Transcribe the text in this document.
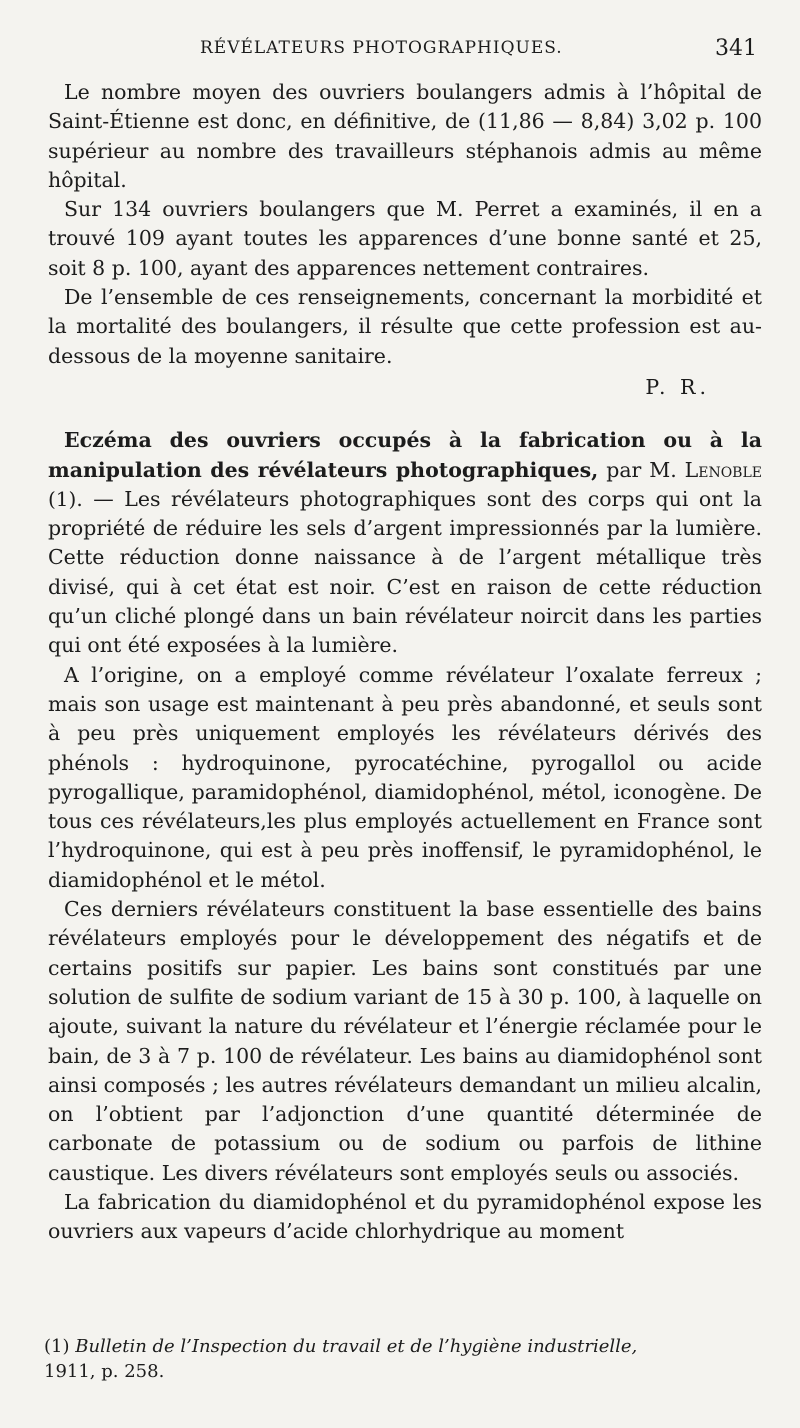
RÉVÉLATEURS PHOTOGRAPHIQUES.	341

Le nombre moyen des ouvriers boulangers admis à l’hôpital de Saint-Étienne est donc, en définitive, de (11,86 — 8,84) 3,02 p. 100 supérieur au nombre des travailleurs stéphanois admis au même hôpital.

Sur 134 ouvriers boulangers que M. Perret a examinés, il en a trouvé 109 ayant toutes les apparences d’une bonne santé et 25, soit 8 p. 100, ayant des apparences nettement contraires.

De l’ensemble de ces renseignements, concernant la morbidité et la mortalité des boulangers, il résulte que cette profession est au-dessous de la moyenne sanitaire.

P. R.

Eczéma des ouvriers occupés à la fabrication ou à la manipulation des révélateurs photographiques, par M. Lenoble (1). — Les révélateurs photographiques sont des corps qui ont la propriété de réduire les sels d’argent impressionnés par la lumière. Cette réduction donne naissance à de l’argent métallique très divisé, qui à cet état est noir. C’est en raison de cette réduction qu’un cliché plongé dans un bain révélateur noircit dans les parties qui ont été exposées à la lumière.

A l’origine, on a employé comme révélateur l’oxalate ferreux ; mais son usage est maintenant à peu près abandonné, et seuls sont à peu près uniquement employés les révélateurs dérivés des phénols : hydroquinone, pyrocatéchine, pyrogallol ou acide pyrogallique, paramidophénol, diamidophénol, métol, iconogène. De tous ces révélateurs,les plus employés actuellement en France sont l’hydroquinone, qui est à peu près inoffensif, le pyramidophénol, le diamidophénol et le métol.

Ces derniers révélateurs constituent la base essentielle des bains révélateurs employés pour le développement des négatifs et de certains positifs sur papier. Les bains sont constitués par une solution de sulfite de sodium variant de 15 à 30 p. 100, à laquelle on ajoute, suivant la nature du révélateur et l’énergie réclamée pour le bain, de 3 à 7 p. 100 de révélateur. Les bains au diamidophénol sont ainsi composés ; les autres révélateurs demandant un milieu alcalin, on l’obtient par l’adjonction d’une quantité déterminée de carbonate de potassium ou de sodium ou parfois de lithine caustique. Les divers révélateurs sont employés seuls ou associés.

La fabrication du diamidophénol et du pyramidophénol expose les ouvriers aux vapeurs d’acide chlorhydrique au moment

(1) Bulletin de l’Inspection du travail et de l’hygiène industrielle,
1911, p. 258.
